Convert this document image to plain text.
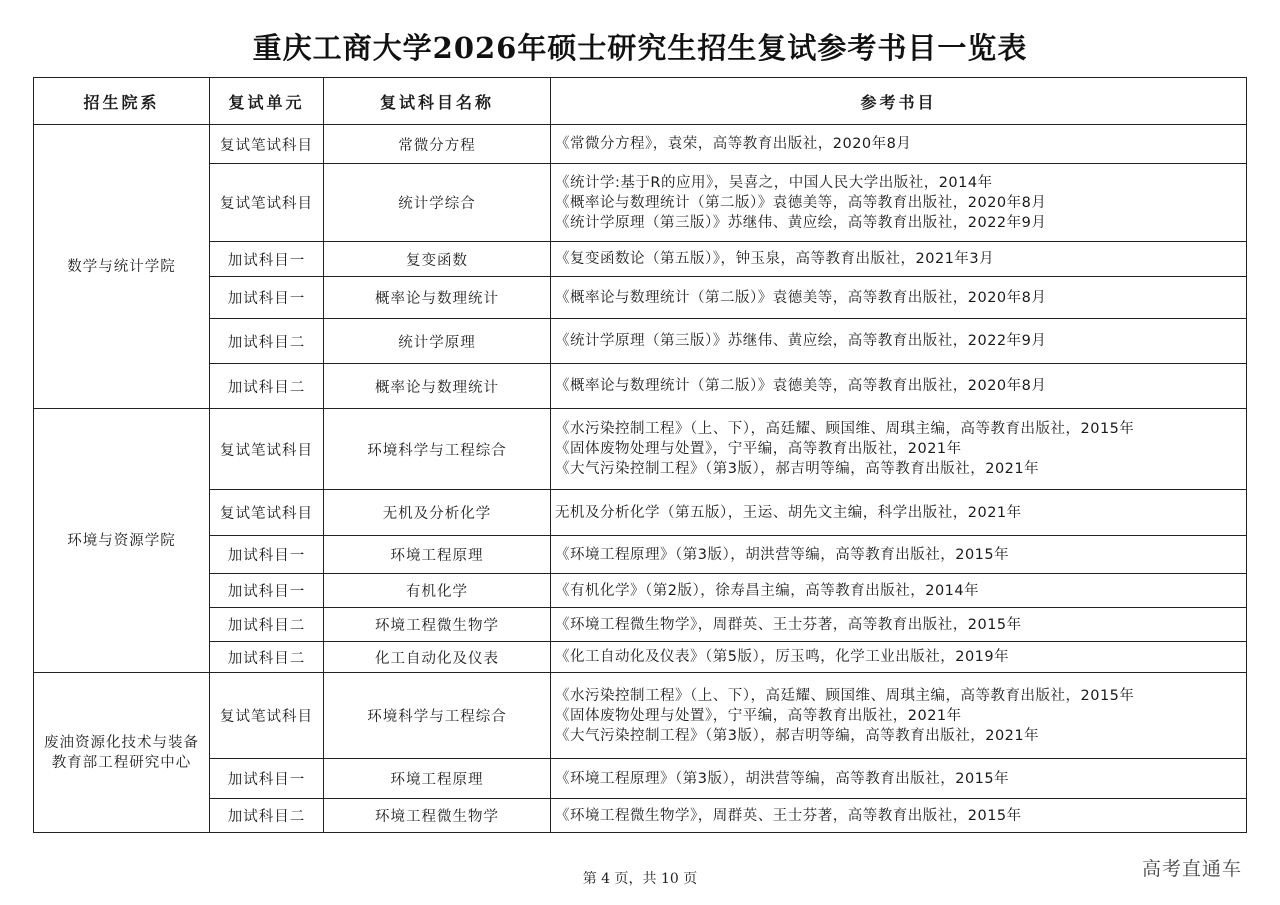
重庆工商大学2026年硕士研究生招生复试参考书目一览表
招生院系	复试单元	复试科目名称	参考书目
数学与统计学院	复试笔试科目	常微分方程	《常微分方程》，袁荣，高等教育出版社，2020年8月

	复试笔试科目	统计学综合	《统计学:基于R的应用》，吴喜之，中国人民大学出版社，2014年
《概率论与数理统计（第二版）》袁德美等，高等教育出版社，2020年8月
《统计学原理（第三版）》苏继伟、黄应绘，高等教育出版社，2022年9月

	加试科目一	复变函数	《复变函数论（第五版）》，钟玉泉，高等教育出版社，2021年3月

	加试科目一	概率论与数理统计	《概率论与数理统计（第二版）》袁德美等，高等教育出版社，2020年8月

	加试科目二	统计学原理	《统计学原理（第三版）》苏继伟、黄应绘，高等教育出版社，2022年9月

	加试科目二	概率论与数理统计	《概率论与数理统计（第二版）》袁德美等，高等教育出版社，2020年8月

环境与资源学院	复试笔试科目	环境科学与工程综合	《水污染控制工程》（上、下），高廷耀、顾国维、周琪主编，高等教育出版社，2015年
《固体废物处理与处置》，宁平编，高等教育出版社，2021年
《大气污染控制工程》（第3版），郝吉明等编，高等教育出版社，2021年

	复试笔试科目	无机及分析化学	无机及分析化学（第五版），王运、胡先文主编，科学出版社，2021年

	加试科目一	环境工程原理	《环境工程原理》（第3版），胡洪营等编，高等教育出版社，2015年

	加试科目一	有机化学	《有机化学》（第2版），徐寿昌主编，高等教育出版社，2014年

	加试科目二	环境工程微生物学	《环境工程微生物学》，周群英、王士芬著，高等教育出版社，2015年

	加试科目二	化工自动化及仪表	《化工自动化及仪表》（第5版），厉玉鸣，化学工业出版社，2019年

废油资源化技术与装备教育部工程研究中心	复试笔试科目	环境科学与工程综合	《水污染控制工程》（上、下），高廷耀、顾国维、周琪主编，高等教育出版社，2015年
《固体废物处理与处置》，宁平编，高等教育出版社，2021年
《大气污染控制工程》（第3版），郝吉明等编，高等教育出版社，2021年

	加试科目一	环境工程原理	《环境工程原理》（第3版），胡洪营等编，高等教育出版社，2015年

	加试科目二	环境工程微生物学	《环境工程微生物学》，周群英、王士芬著，高等教育出版社，2015年
第 4 页，共 10 页	高考直通车
